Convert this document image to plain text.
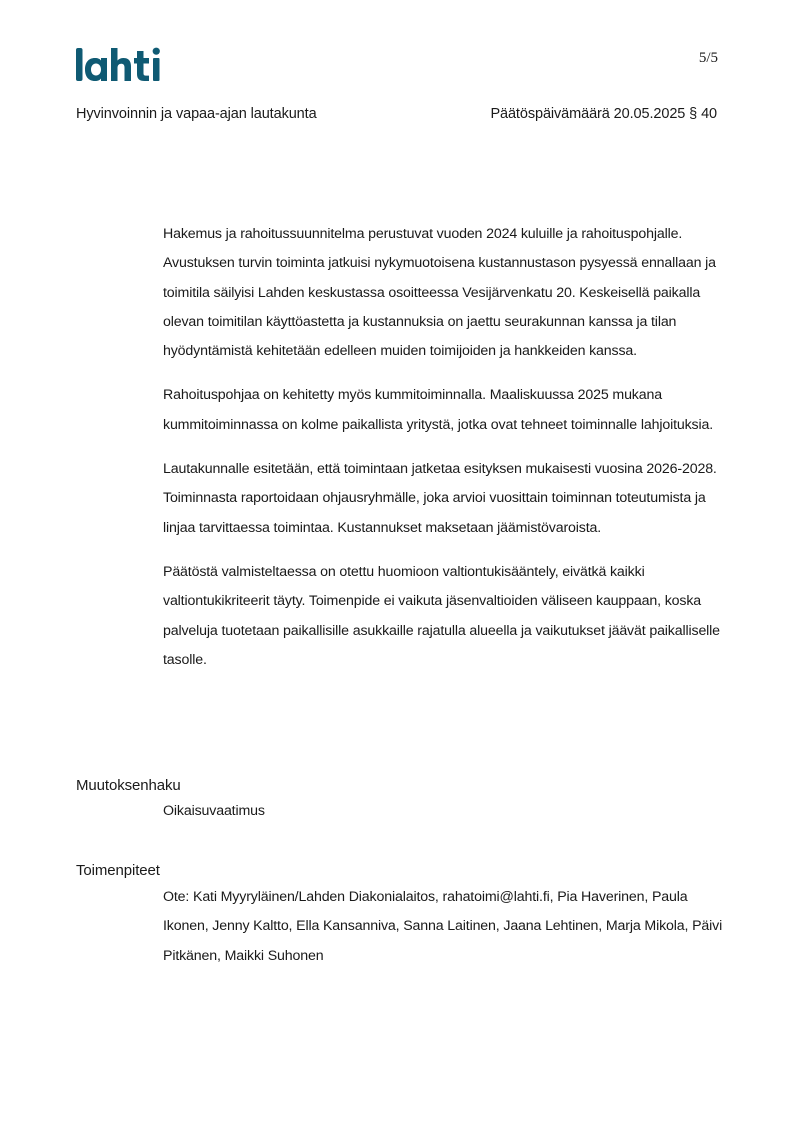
5/5
Hyvinvoinnin ja vapaa-ajan lautakunta	Päätöspäivämäärä 20.05.2025 § 40

Hakemus ja rahoitussuunnitelma perustuvat vuoden 2024 kuluille ja rahoituspohjalle. Avustuksen turvin toiminta jatkuisi nykymuotoisena kustannustason pysyessä ennallaan ja toimitila säilyisi Lahden keskustassa osoitteessa Vesijärvenkatu 20. Keskeisellä paikalla olevan toimitilan käyttöastetta ja kustannuksia on jaettu seurakunnan kanssa ja tilan hyödyntämistä kehitetään edelleen muiden toimijoiden ja hankkeiden kanssa.

Rahoituspohjaa on kehitetty myös kummitoiminnalla. Maaliskuussa 2025 mukana kummitoiminnassa on kolme paikallista yritystä, jotka ovat tehneet toiminnalle lahjoituksia.

Lautakunnalle esitetään, että toimintaan jatketaa esityksen mukaisesti vuosina 2026-2028. Toiminnasta raportoidaan ohjausryhmälle, joka arvioi vuosittain toiminnan toteutumista ja linjaa tarvittaessa toimintaa. Kustannukset maksetaan jäämistövaroista.

Päätöstä valmisteltaessa on otettu huomioon valtiontukisääntely, eivätkä kaikki valtiontukikriteerit täyty. Toimenpide ei vaikuta jäsenvaltioiden väliseen kauppaan, koska palveluja tuotetaan paikallisille asukkaille rajatulla alueella ja vaikutukset jäävät paikalliselle tasolle.

Muutoksenhaku
Oikaisuvaatimus
Toimenpiteet
Ote: Kati Myyryläinen/Lahden Diakonialaitos, rahatoimi@lahti.fi, Pia Haverinen, Paula Ikonen, Jenny Kaltto, Ella Kansanniva, Sanna Laitinen, Jaana Lehtinen, Marja Mikola, Päivi Pitkänen, Maikki Suhonen
